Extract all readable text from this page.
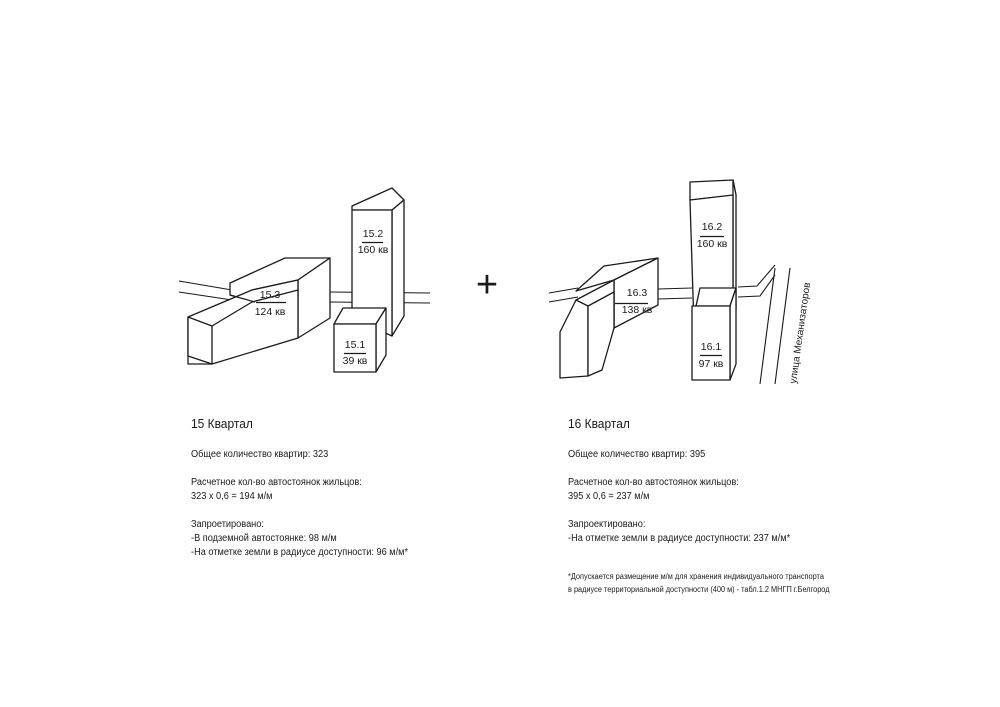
15.3
124 кв
15.2
160 кв
15.1
39 кв
+	16.3
138 кв
16.2
160 кв
16.1
97 кв	улица Механизаторов
15 Квартал
Общее количество квартир: 323
Расчетное кол-во автостоянок жильцов:
323 х 0,6 = 194 м/м
Запроетировано:
-В подземной автостоянке: 98 м/м
-На отметке земли в радиусе доступности: 96 м/м*
16 Квартал
Общее количество квартир: 395
Расчетное кол-во автостоянок жильцов:
395 х 0,6 = 237 м/м
Запроектировано:
-На отметке земли в радиусе доступности: 237 м/м*
*Допускается размещение м/м для хранения индивидуального транспорта
в радиусе территориальной доступности (400 м) - табл.1.2 МНГП г.Белгород
